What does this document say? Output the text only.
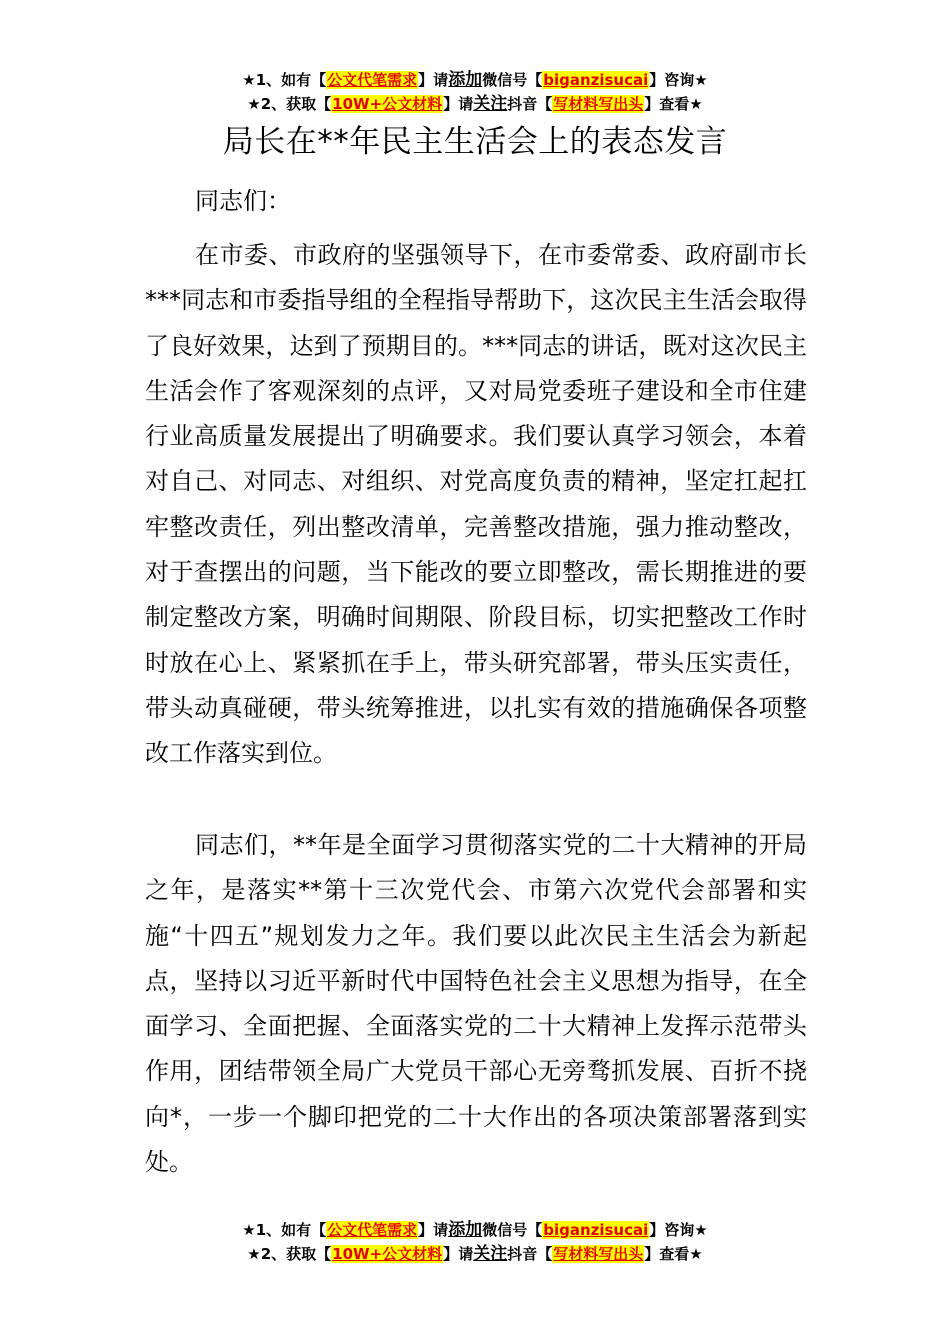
★1、如有【公文代笔需求】请添加微信号【biganzisucai】咨询★
★2、获取【10W+公文材料】请关注抖音【写材料写出头】查看★
局长在**年民主生活会上的表态发言
同志们：

在市委、市政府的坚强领导下，在市委常委、政府副市长***同志和市委指导组的全程指导帮助下，这次民主生活会取得了良好效果，达到了预期目的。***同志的讲话，既对这次民主生活会作了客观深刻的点评，又对局党委班子建设和全市住建行业高质量发展提出了明确要求。我们要认真学习领会，本着对自己、对同志、对组织、对党高度负责的精神，坚定扛起扛牢整改责任，列出整改清单，完善整改措施，强力推动整改，对于查摆出的问题，当下能改的要立即整改，需长期推进的要制定整改方案，明确时间期限、阶段目标，切实把整改工作时时放在心上、紧紧抓在手上，带头研究部署，带头压实责任，带头动真碰硬，带头统筹推进，以扎实有效的措施确保各项整改工作落实到位。

同志们，**年是全面学习贯彻落实党的二十大精神的开局之年，是落实**第十三次党代会、市第六次党代会部署和实施“十四五”规划发力之年。我们要以此次民主生活会为新起点，坚持以习近平新时代中国特色社会主义思想为指导，在全面学习、全面把握、全面落实党的二十大精神上发挥示范带头作用，团结带领全局广大党员干部心无旁骛抓发展、百折不挠向*，一步一个脚印把党的二十大作出的各项决策部署落到实处。

★1、如有【公文代笔需求】请添加微信号【biganzisucai】咨询★
★2、获取【10W+公文材料】请关注抖音【写材料写出头】查看★
